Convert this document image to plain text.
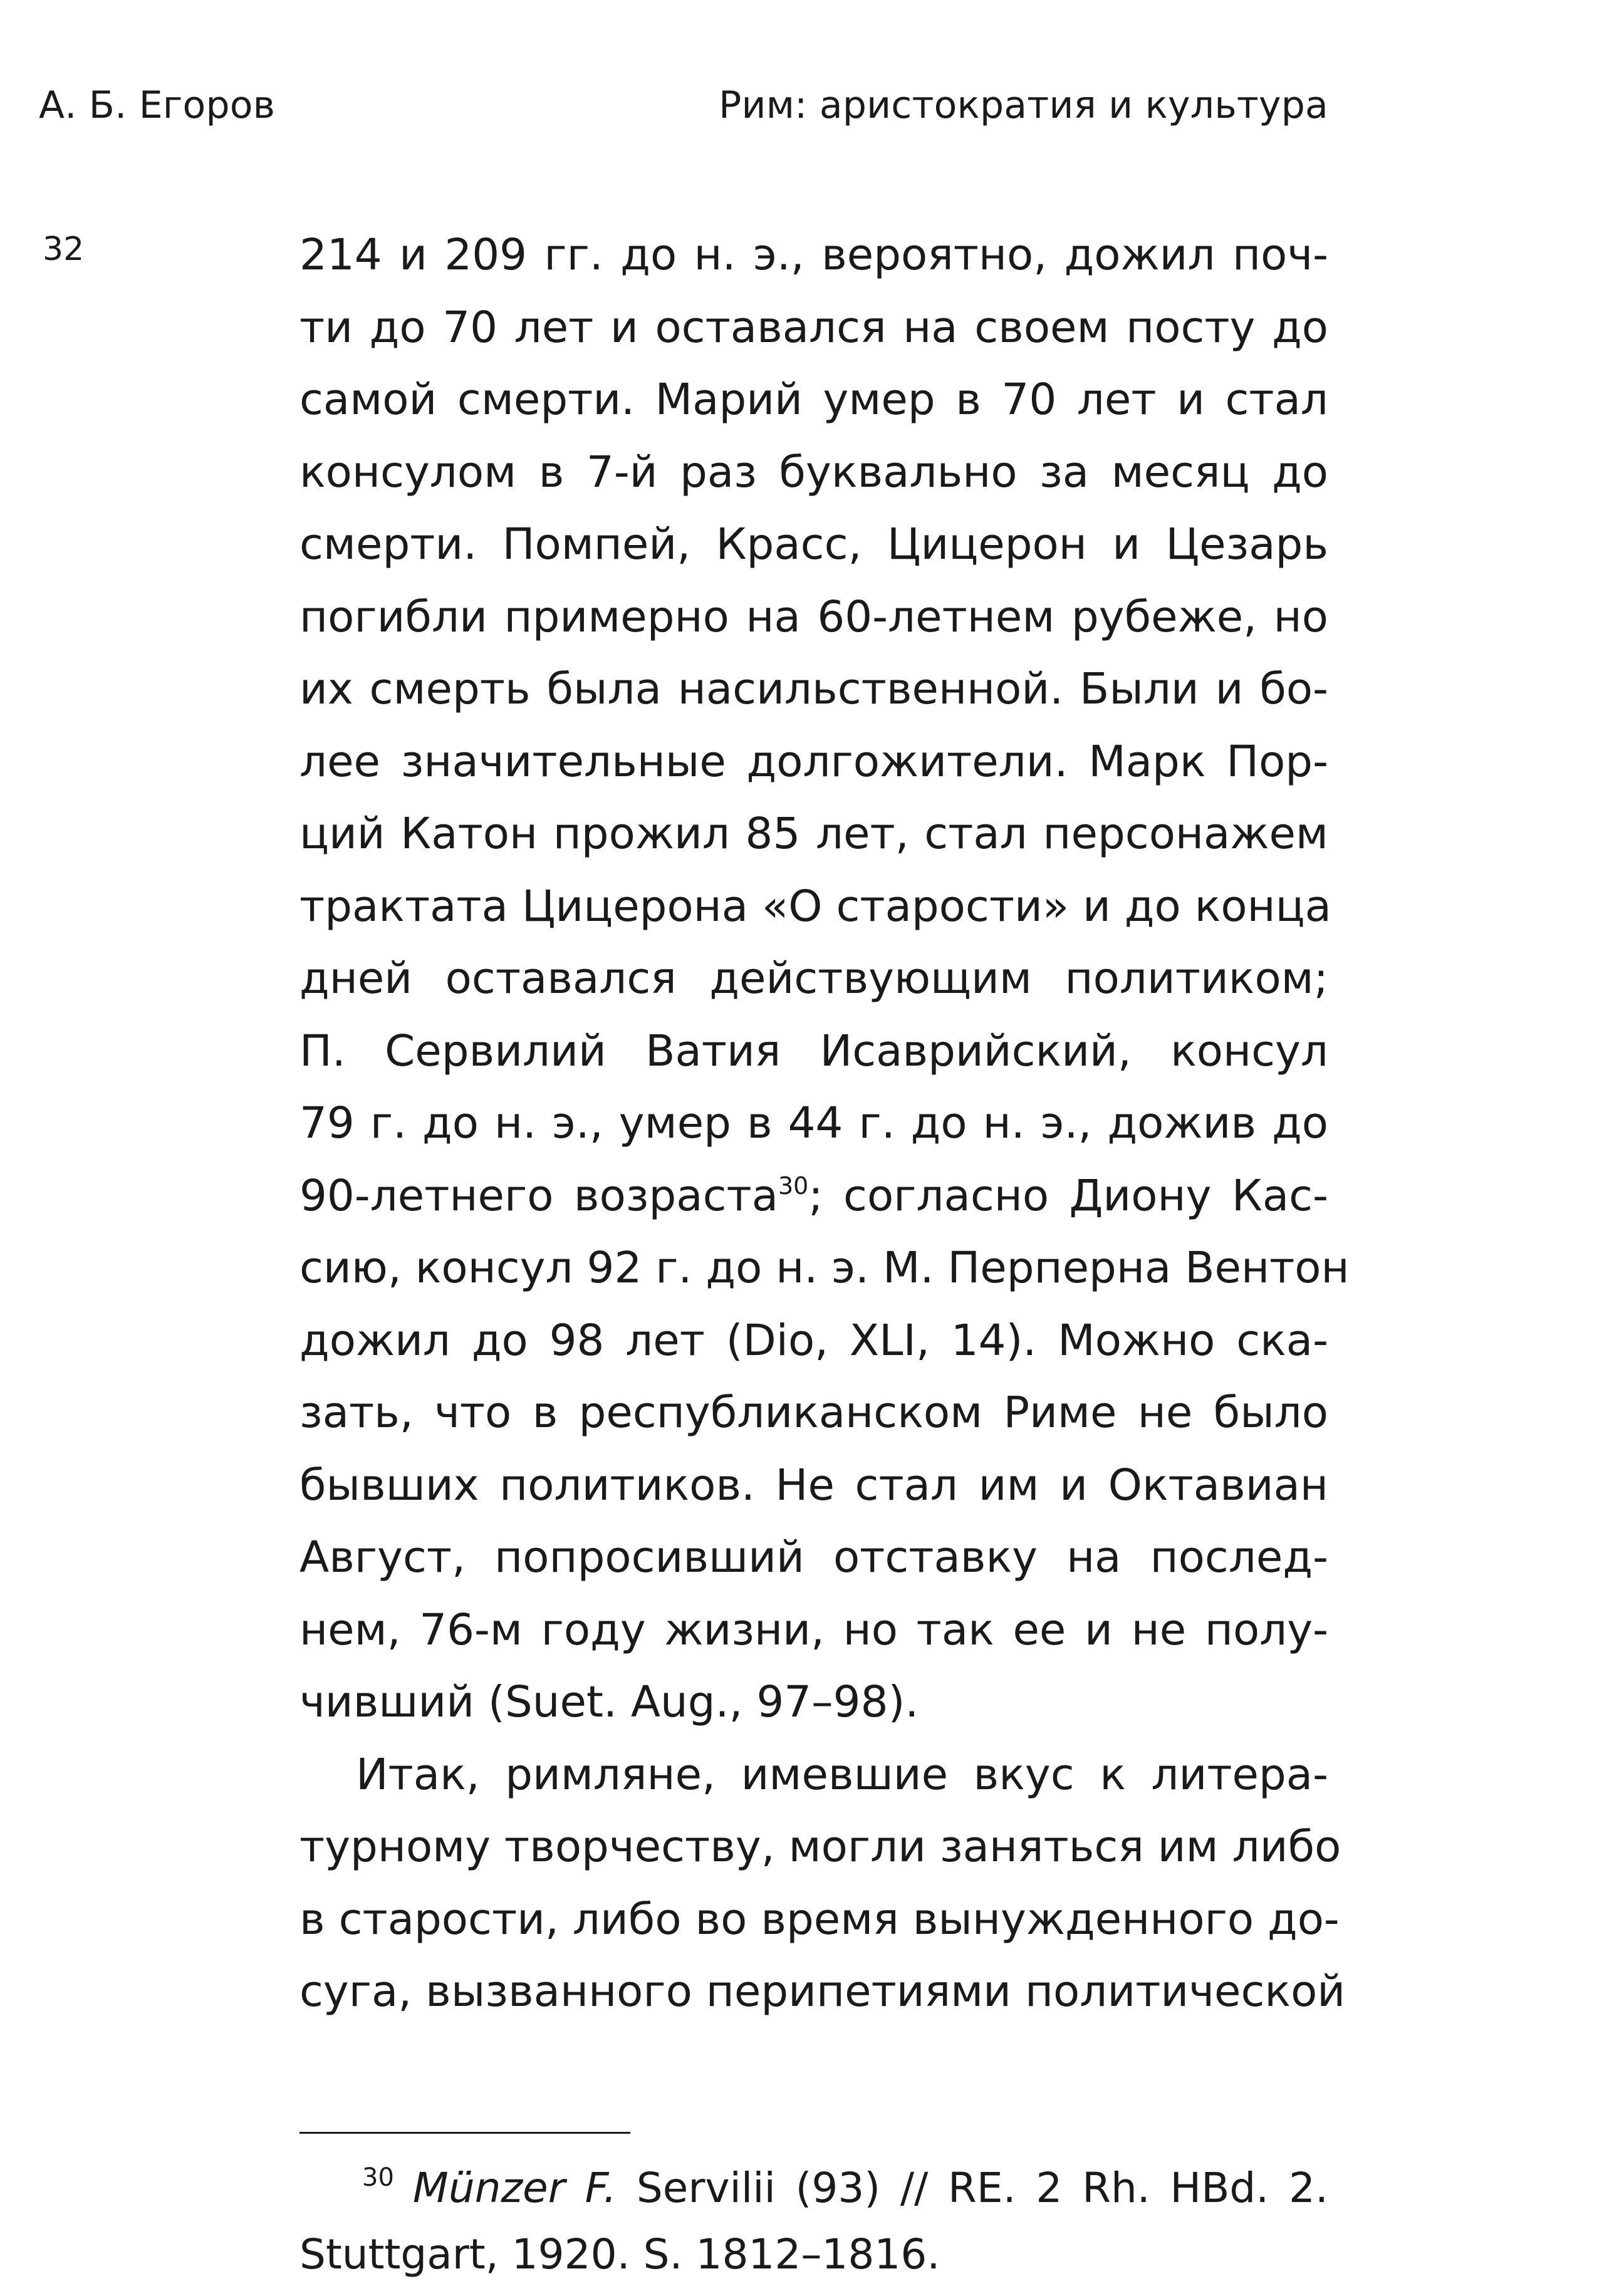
А. Б. Егоров	Рим: аристократия и культура
32	214 и 209 гг. до н. э., вероятно, дожил поч-
ти до 70 лет и оставался на своем посту до
самой смерти. Марий умер в 70 лет и стал
консулом в 7-й раз буквально за месяц до
смерти. Помпей, Красс, Цицерон и Цезарь
погибли примерно на 60-летнем рубеже, но
их смерть была насильственной. Были и бо-
лее значительные долгожители. Марк Пор-
ций Катон прожил 85 лет, стал персонажем
трактата Цицерона «О старости» и до конца
дней оставался действующим политиком;
П. Сервилий Ватия Исаврийский, консул
79 г. до н. э., умер в 44 г. до н. э., дожив до
90-летнего возраста$^{30}$; согласно Диону Кас-
сию, консул 92 г. до н. э. М. Перперна Вентон
дожил до 98 лет (Dio, XLI, 14). Можно ска-
зать, что в республиканском Риме не было
бывших политиков. Не стал им и Октавиан
Август, попросивший отставку на послед-
нем, 76-м году жизни, но так ее и не полу-
чивший (Suet. Aug., 97–98).
Итак, римляне, имевшие вкус к литера-
турному творчеству, могли заняться им либо
в старости, либо во время вынужденного до-
суга, вызванного перипетиями политической
$^{30}$ Münzer F. Servilii (93) // RE. 2 Rh. HBd. 2.
Stuttgart, 1920. S. 1812–1816.
